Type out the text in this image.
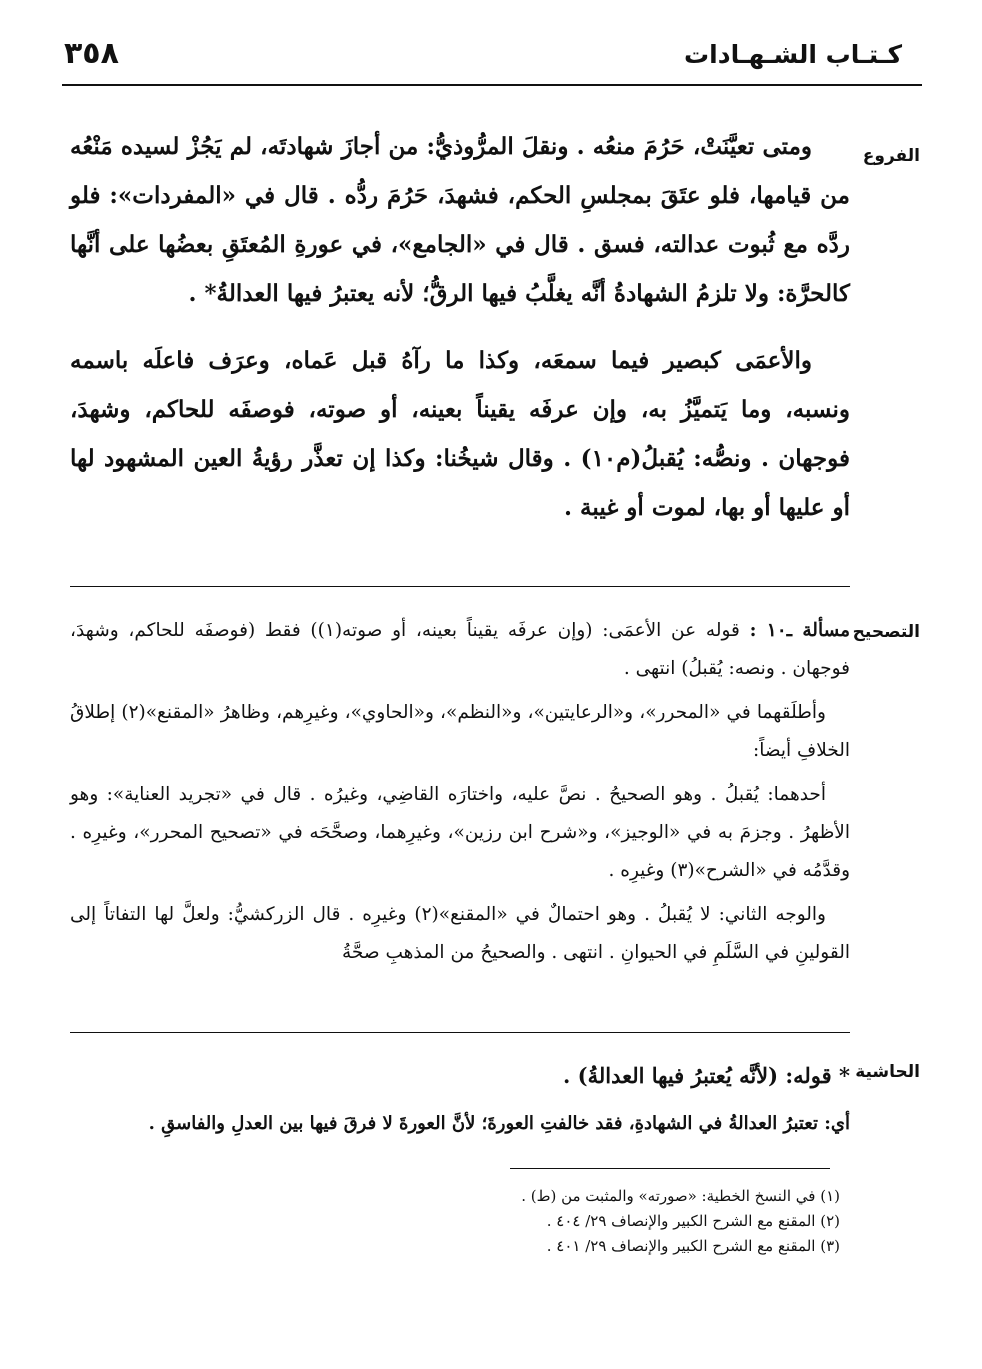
٣٥٨	كـتـاب الشـهـادات
الفروع

ومتى تعيَّنَتْ، حَرُمَ منعُه . ونقلَ المرُّوذيُّ: من أجازَ شهادتَه، لم يَجُزْ لسيده مَنْعُه من قيامها، فلو عتَقَ بمجلسِ الحكم، فشهدَ، حَرُمَ ردُّه . قال في «المفردات»: فلو ردَّه مع ثُبوت عدالته، فسق . قال في «الجامع»، في عورةِ المُعتَقِ بعضُها على أنَّها كالحرَّة: ولا تلزمُ الشهادةُ أنَّه يغلَّبُ فيها الرقُّ؛ لأنه يعتبرُ فيها العدالةُ* .

والأعمَى كبصير فيما سمعَه، وكذا ما رآهُ قبل عَماه، وعرَف فاعلَه باسمه ونسبه، وما يَتميَّزُ به، وإن عرفَه يقيناً بعينه، أو صوته، فوصفَه للحاكم، وشهدَ، فوجهان . ونصُّه: يُقبلُ(م١٠) . وقال شيخُنا: وكذا إن تعذَّر رؤيةُ العين المشهود لها أو عليها أو بها، لموت أو غيبة .

التصحيح

مسألة ـ١٠ : قوله عن الأعمَى: (وإن عرفَه يقيناً بعينه، أو صوته(١)) فقط (فوصفَه للحاكم، وشهدَ، فوجهان . ونصه: يُقبلُ) انتهى .

وأطلَقهما في «المحرر»، و«الرعايتين»، و«النظم»، و«الحاوي»، وغيرِهم، وظاهرُ «المقنع»(٢) إطلاقُ الخلافِ أيضاً:

أحدهما: يُقبلُ . وهو الصحيحُ . نصَّ عليه، واختارَه القاضِي، وغيرُه . قال في «تجريد العناية»: وهو الأظهرُ . وجزمَ به في «الوجيز»، و«شرح ابن رزين»، وغيرِهما، وصحَّحَه في «تصحيح المحرر»، وغيرِه . وقدَّمُه في «الشرح»(٣) وغيرِه .

والوجه الثاني: لا يُقبلُ . وهو احتمالٌ في «المقنع»(٢) وغيرِه . قال الزركشيُّ: ولعلَّ لها التفاتاً إلى القولينِ في السَّلَمِ في الحيوانِ . انتهى . والصحيحُ من المذهبِ صحَّةُ

الحاشية

* قوله: (لأنَّه يُعتبرُ فيها العدالةُ) .

أي: تعتبرُ العدالةُ في الشهادةِ، فقد خالفتِ العورةَ؛ لأنَّ العورةَ لا فرقَ فيها بين العدلِ والفاسقِ .

(١) في النسخ الخطية: «صورته» والمثبت من (ط) .
(٢) المقنع مع الشرح الكبير والإنصاف ٢٩/ ٤٠٤ .
(٣) المقنع مع الشرح الكبير والإنصاف ٢٩/ ٤٠١ .
